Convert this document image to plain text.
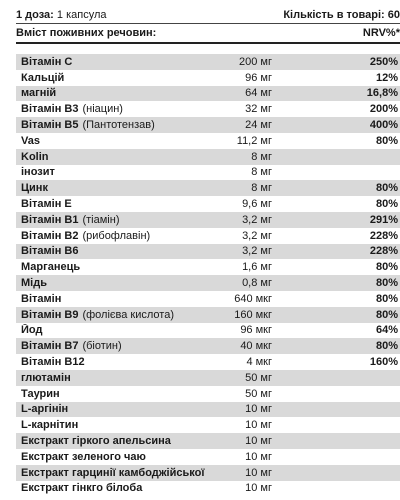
1 доза: 1 капсула	Кількість в товарі: 60
Вміст поживних речовин:	NRV%*
Вітамін C	200 мг	250%
Кальцій	96 мг	12%
магній	64 мг	16,8%
Вітамін B3 (ніацин)	32 мг	200%
Вітамін B5 (Пантотензав)	24 мг	400%
Vas	11,2 мг	80%
Kolin	8 мг
інозит	8 мг
Цинк	8 мг	80%
Вітамін E	9,6 мг	80%
Вітамін B1 (тіамін)	3,2 мг	291%
Вітамін B2 (рибофлавін)	3,2 мг	228%
Вітамін B6	3,2 мг	228%
Марганець	1,6 мг	80%
Мідь	0,8 мг	80%
Вітамін	640 мкг	80%
Вітамін B9 (фолієва кислота)	160 мкг	80%
Йод	96 мкг	64%
Вітамін B7 (біотин)	40 мкг	80%
Вітамін B12	4 мкг	160%
глютамін	50 мг
Таурин	50 мг
L-аргінін	10 мг
L-карнітин	10 мг
Екстракт гіркого апельсина	10 мг
Екстракт зеленого чаю	10 мг
Екстракт гарцинії камбоджійської	10 мг
Екстракт гінкго білоба	10 мг
